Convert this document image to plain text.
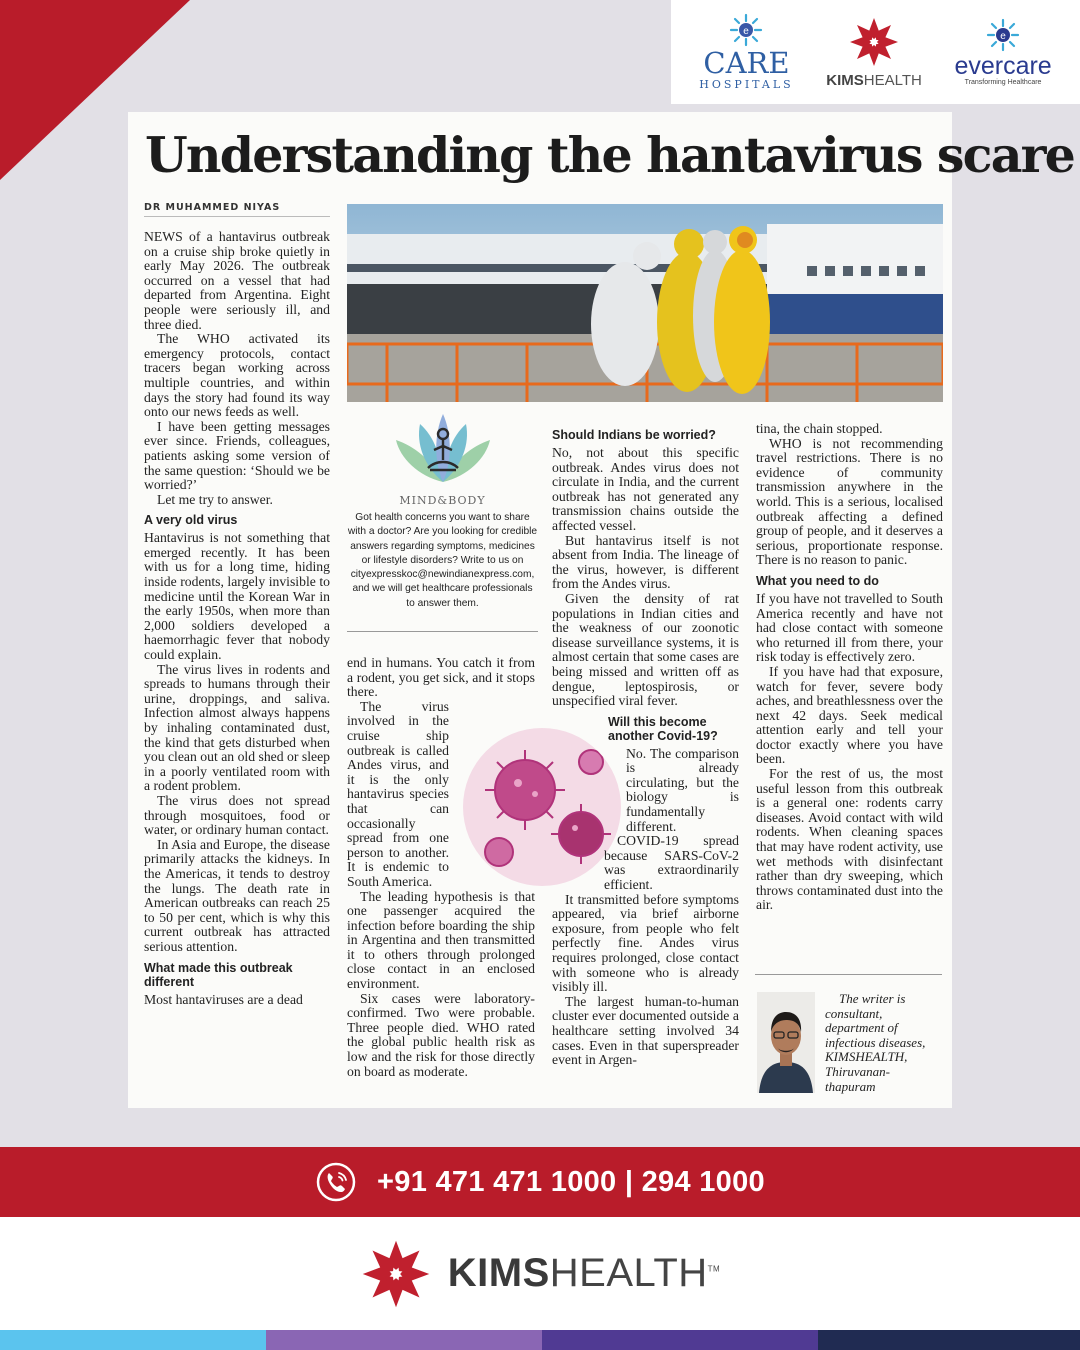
e
CARE
HOSPITALS KIMSHEALTH
e
evercare
Transforming Healthcare
Understanding the hantavirus scare
DR MUHAMMED NIYAS

NEWS of a hantavirus outbreak on a cruise ship broke quietly in early May 2026. The outbreak occurred on a vessel that had departed from Argentina. Eight people were seriously ill, and three died.

The WHO activated its emergency protocols, contact tracers began working across multiple countries, and within days the story had found its way onto our news feeds as well.

I have been getting messages ever since. Friends, colleagues, patients asking some version of the same question: ‘Should we be worried?’

Let me try to answer.

A very old virus

Hantavirus is not something that emerged recently. It has been with us for a long time, hiding inside rodents, largely invisible to medicine until the Korean War in the early 1950s, when more than 2,000 soldiers developed a haemorrhagic fever that nobody could explain.

The virus lives in rodents and spreads to humans through their urine, droppings, and saliva. Infection almost always happens by inhaling contaminated dust, the kind that gets disturbed when you clean out an old shed or sleep in a poorly ventilated room with a rodent problem.

The virus does not spread through mosquitoes, food or water, or ordinary human contact.

In Asia and Europe, the disease primarily attacks the kidneys. In the Americas, it tends to destroy the lungs. The death rate in American outbreaks can reach 25 to 50 per cent, which is why this current outbreak has attracted serious attention.

What made this outbreak different

Most hantaviruses are a dead

MIND&BODY
Got health concerns you want to share with a doctor? Are you looking for credible answers regarding symptoms, medicines or lifestyle disorders? Write to us on cityexpresskoc@newindianexpress.com, and we will get healthcare professionals to answer them.

end in humans. You catch it from a rodent, you get sick, and it stops there.

The virus involved in the cruise ship outbreak is called Andes virus, and it is the only hantavirus species that can occasionally spread from one person to another. It is endemic to South America.

The leading hypothesis is that one passenger acquired the infection before boarding the ship in Argentina and then transmitted it to others through prolonged close contact in an enclosed environment.

Six cases were laboratory-confirmed. Two were probable. Three people died. WHO rated the global public health risk as low and the risk for those directly on board as moderate.

Should Indians be worried?

No, not about this specific outbreak. Andes virus does not circulate in India, and the current outbreak has not generated any transmission chains outside the affected vessel.

But hantavirus itself is not absent from India. The lineage of the virus, however, is different from the Andes virus.

Given the density of rat populations in Indian cities and the weakness of our zoonotic disease surveillance systems, it is almost certain that some cases are being missed and written off as dengue, leptospirosis, or unspecified viral fever.

Will this become another Covid-19?

No. The comparison is already circulating, but the biology is fundamentally different.

COVID-19 spread because SARS-CoV-2 was extraordinarily efficient.

It transmitted before symptoms appeared, via brief airborne exposure, from people who felt perfectly fine. Andes virus requires prolonged, close contact with someone who is already visibly ill.

The largest human-to-human cluster ever documented outside a healthcare setting involved 34 cases. Even in that superspreader event in Argen-

tina, the chain stopped.

WHO is not recommending travel restrictions. There is no evidence of community transmission anywhere in the world. This is a serious, localised outbreak affecting a defined group of people, and it deserves a serious, proportionate response. There is no reason to panic.

What you need to do

If you have not travelled to South America recently and have not had close contact with someone who returned ill from there, your risk today is effectively zero.

If you have had that exposure, watch for fever, severe body aches, and breathlessness over the next 42 days. Seek medical attention early and tell your doctor exactly where you have been.

For the rest of us, the most useful lesson from this outbreak is a general one: rodents carry diseases. Avoid contact with wild rodents. When cleaning spaces that may have rodent activity, use wet methods with disinfectant rather than dry sweeping, which throws contaminated dust into the air.

The writer is
consultant,
department of
infectious diseases,
KIMSHEALTH,
Thiruvanan-
thapuram
+91 471 471 1000 | 294 1000
KIMSHEALTH™
